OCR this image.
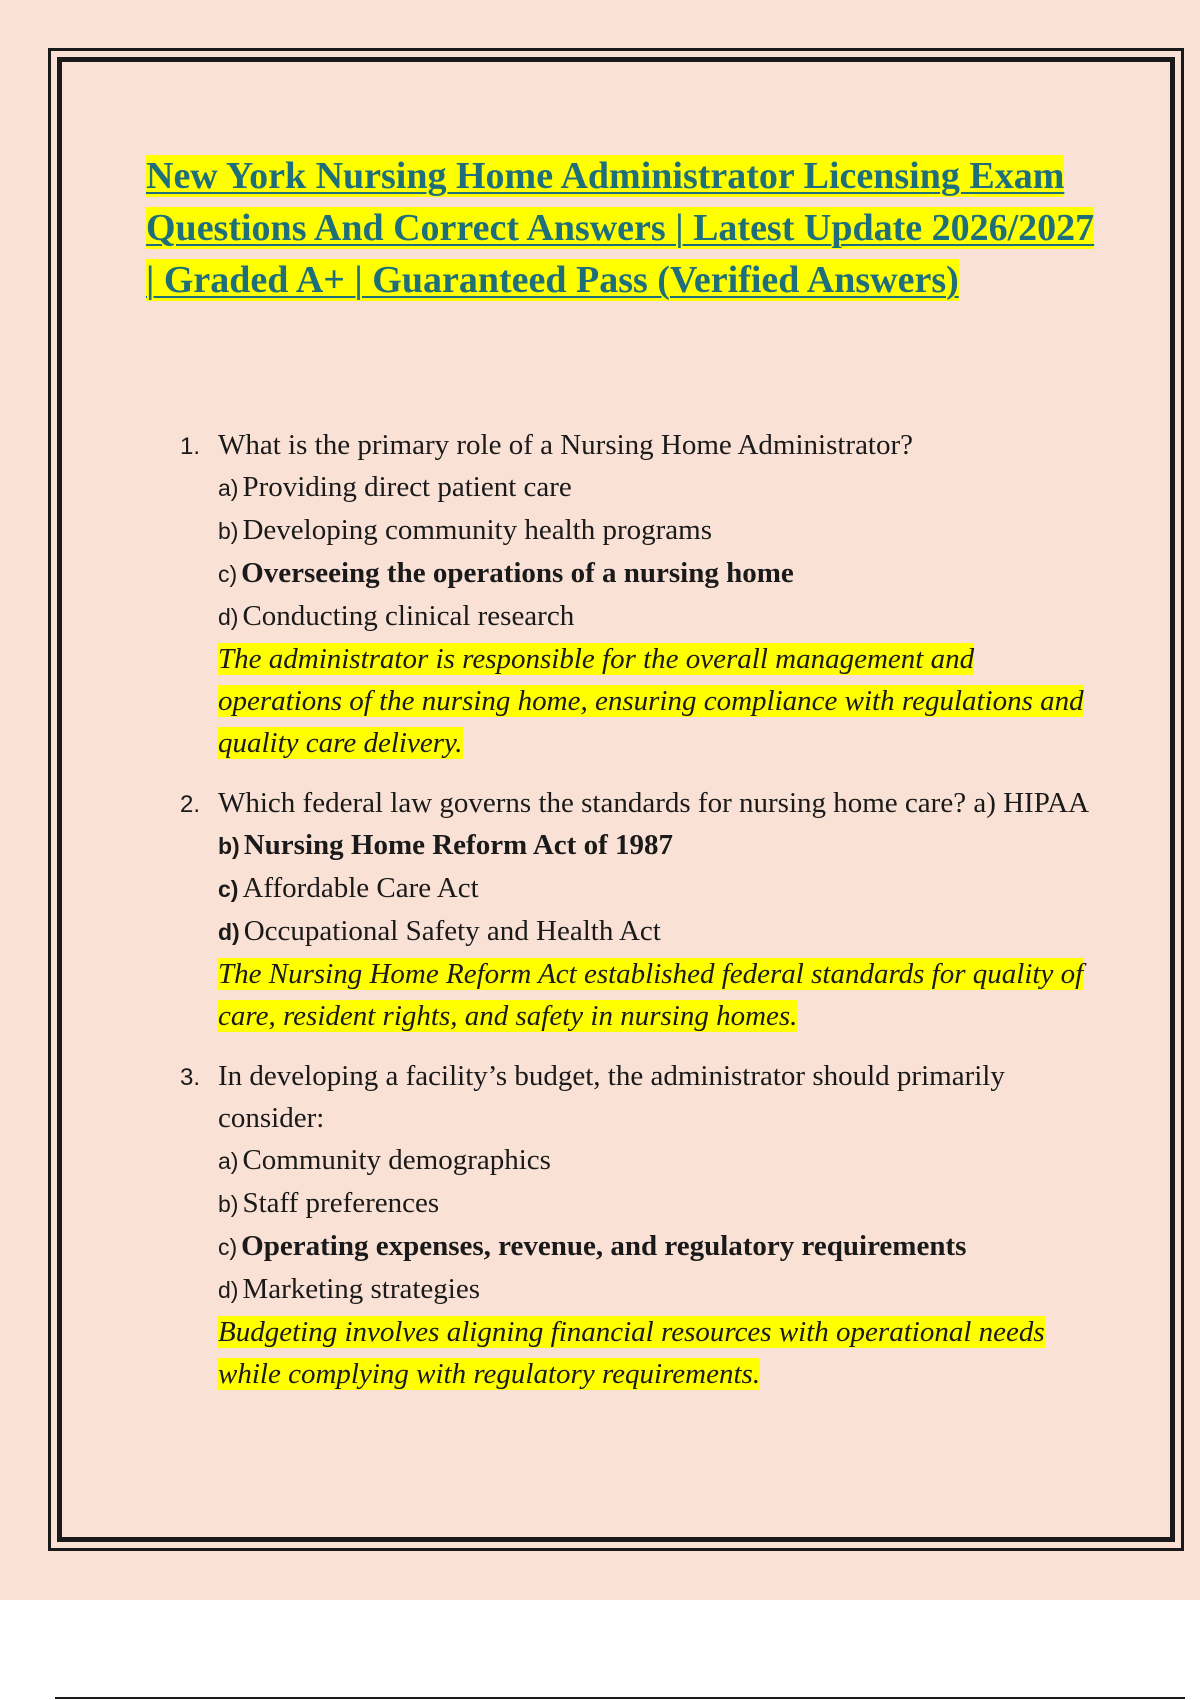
New York Nursing Home Administrator Licensing Exam Questions And Correct Answers | Latest Update 2026/2027 | Graded A+ | Guaranteed Pass (Verified Answers)
1. What is the primary role of a Nursing Home Administrator?

a) Providing direct patient care

b) Developing community health programs

c) Overseeing the operations of a nursing home

d) Conducting clinical research

The administrator is responsible for the overall management and operations of the nursing home, ensuring compliance with regulations and quality care delivery.

2. Which federal law governs the standards for nursing home care? a) HIPAA

b) Nursing Home Reform Act of 1987

c) Affordable Care Act

d) Occupational Safety and Health Act

The Nursing Home Reform Act established federal standards for quality of care, resident rights, and safety in nursing homes.

3. In developing a facility’s budget, the administrator should primarily consider:

a) Community demographics

b) Staff preferences

c) Operating expenses, revenue, and regulatory requirements

d) Marketing strategies

Budgeting involves aligning financial resources with operational needs while complying with regulatory requirements.
